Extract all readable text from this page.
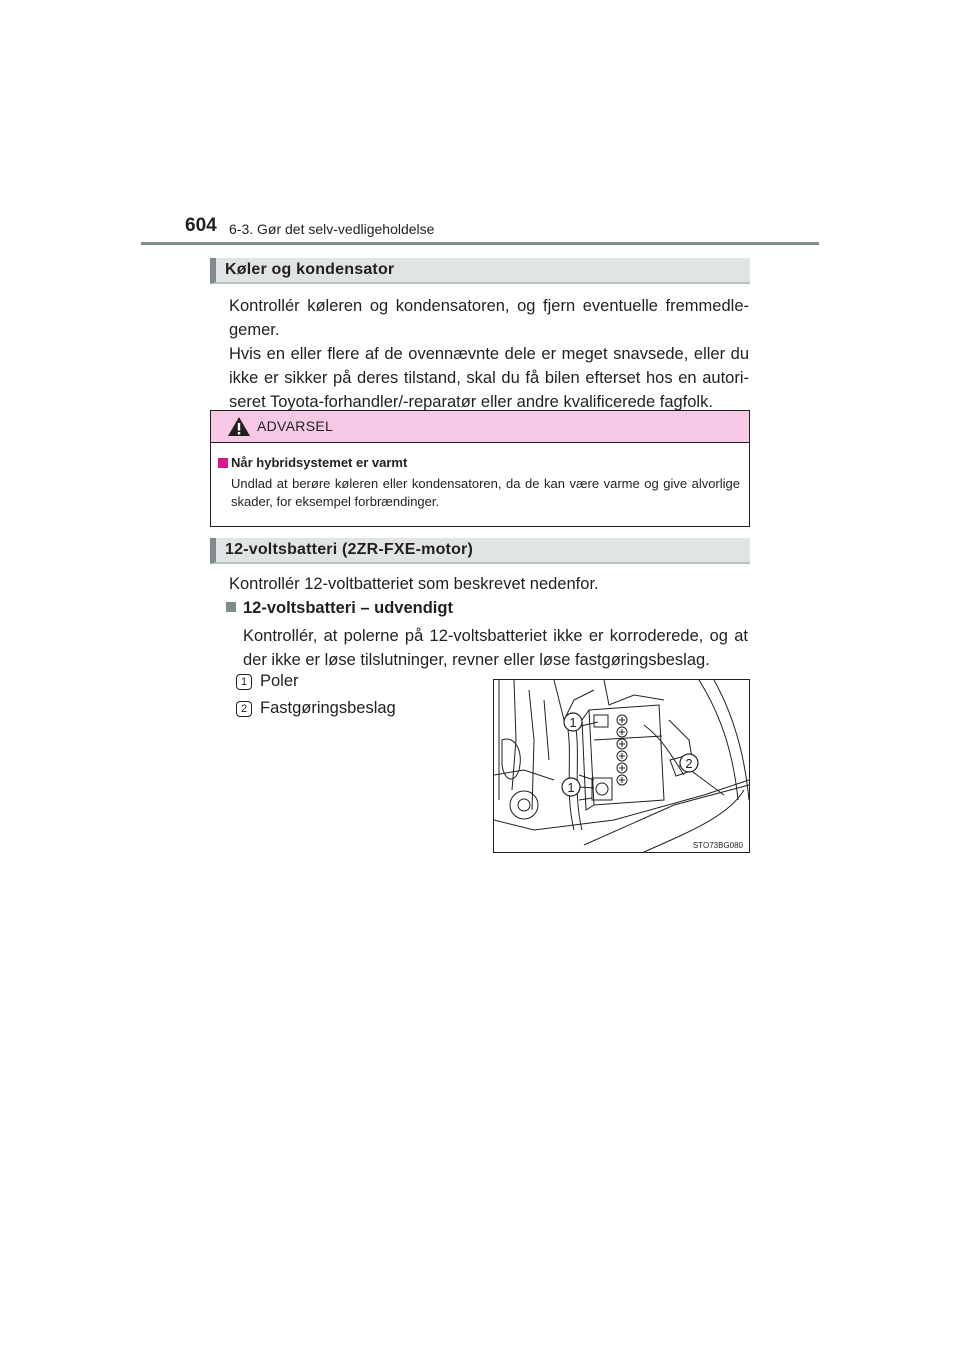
604 6-3. Gør det selv-vedligeholdelse
Køler og kondensator
Kontrollér køleren og kondensatoren, og fjern eventuelle fremmedle-
gemer.
Hvis en eller flere af de ovennævnte dele er meget snavsede, eller du
ikke er sikker på deres tilstand, skal du få bilen efterset hos en autori-
seret Toyota-forhandler/-reparatør eller andre kvalificerede fagfolk.
ADVARSEL
Når hybridsystemet er varmt
Undlad at berøre køleren eller kondensatoren, da de kan være varme og give alvorlige skader, for eksempel forbrændinger.
12-voltsbatteri (2ZR-FXE-motor)
Kontrollér 12-voltbatteriet som beskrevet nedenfor.
12-voltsbatteri – udvendigt
Kontrollér, at polerne på 12-voltsbatteriet ikke er korroderede, og at
der ikke er løse tilslutninger, revner eller løse fastgøringsbeslag.
1 Poler
2 Fastgøringsbeslag
1
1
2
STO73BG080
